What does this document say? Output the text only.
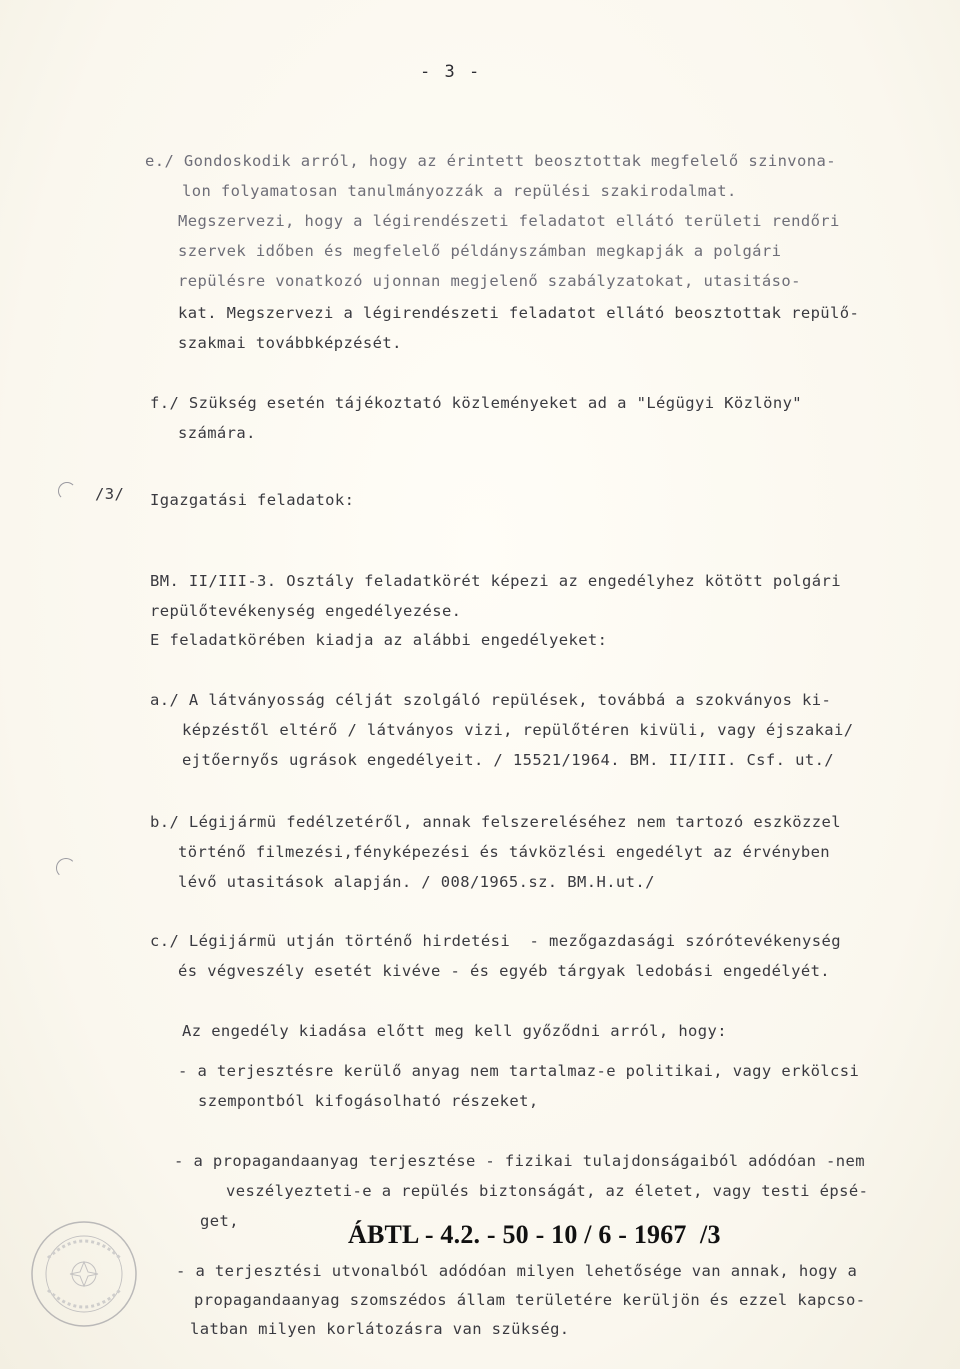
- 3 -
e./ Gondoskodik arról, hogy az érintett beosztottak megfelelő szinvona-
lon folyamatosan tanulmányozzák a repülési szakirodalmat.
Megszervezi, hogy a légirendészeti feladatot ellátó területi rendőri
szervek időben és megfelelő példányszámban megkapják a polgári
repülésre vonatkozó ujonnan megjelenő szabályzatokat, utasitáso-
kat. Megszervezi a légirendészeti feladatot ellátó beosztottak repülő-
szakmai továbbképzését.
f./ Szükség esetén tájékoztató közleményeket ad a "Légügyi Közlöny"
számára.
/3/ Igazgatási feladatok:
BM. II/III-3. Osztály feladatkörét képezi az engedélyhez kötött polgári
repülőtevékenység engedélyezése.
E feladatkörében kiadja az alábbi engedélyeket:
a./ A látványosság célját szolgáló repülések, továbbá a szokványos ki-
képzéstől eltérő / látványos vizi, repülőtéren kivüli, vagy éjszakai/
ejtőernyős ugrások engedélyeit. / 15521/1964. BM. II/III. Csf. ut./
b./ Légijármü fedélzetéről, annak felszereléséhez nem tartozó eszközzel
történő filmezési,fényképezési és távközlési engedélyt az érvényben
lévő utasitások alapján. / 008/1965.sz. BM.H.ut./
c./ Légijármü utján történő hirdetési  - mezőgazdasági szórótevékenység
és végveszély esetét kivéve - és egyéb tárgyak ledobási engedélyét.
Az engedély kiadása előtt meg kell győződni arról, hogy:
- a terjesztésre kerülő anyag nem tartalmaz-e politikai, vagy erkölcsi
szempontból kifogásolható részeket,
- a propagandaanyag terjesztése - fizikai tulajdonságaiból adódóan -nem
veszélyezteti-e a repülés biztonságát, az életet, vagy testi épsé-
get,	ÁBTL - 4.2. - 50 - 10 / 6 - 1967  /3
- a terjesztési utvonalból adódóan milyen lehetősége van annak, hogy a
propagandaanyag szomszédos állam területére kerüljön és ezzel kapcso-
latban milyen korlátozásra van szükség.
